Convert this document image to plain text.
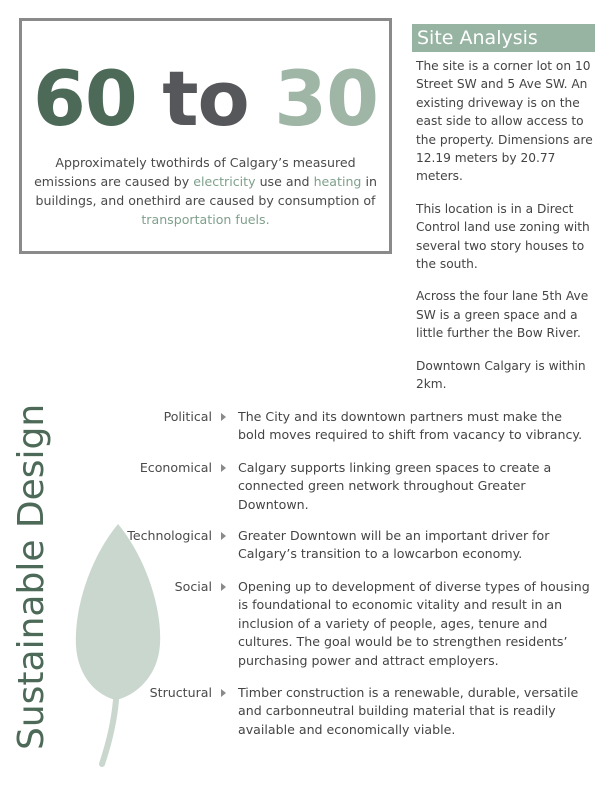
60 to 30
Approximately twothirds of Calgary’s measured emissions are caused by electricity use and heating in buildings, and onethird are caused by consumption of transportation fuels.
Site Analysis

The site is a corner lot on 10 Street SW and 5 Ave SW. An existing driveway is on the east side to allow access to the property. Dimensions are 12.19 meters by 20.77 meters.

This location is in a Direct Control land use zoning with several two story houses to the south.

Across the four lane 5th Ave SW is a green space and a little further the Bow River.

Downtown Calgary is within 2km.

Sustainable Design	Political The City and its downtown partners must make the bold moves required to shift from vacancy to vibrancy.
Economical Calgary supports linking green spaces to create a connected green network throughout Greater Downtown.
Technological Greater Downtown will be an important driver for Calgary’s transition to a lowcarbon economy.
Social Opening up to development of diverse types of housing is foundational to economic vitality and result in an inclusion of a variety of people, ages, tenure and cultures. The goal would be to strengthen residents’ purchasing power and attract employers.
Structural Timber construction is a renewable, durable, versatile and carbonneutral building material that is readily available and economically viable.
